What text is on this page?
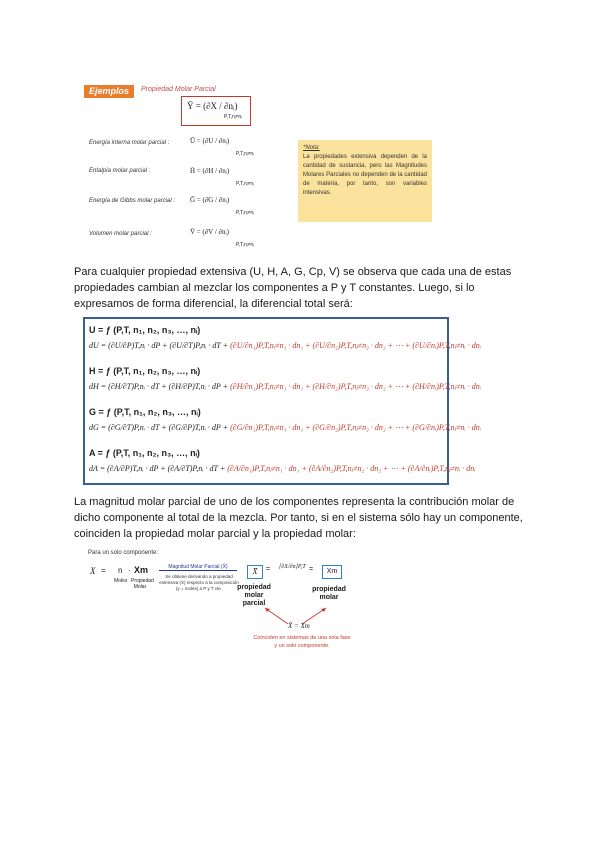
Ejemplos	Propiedad Molar Parcial
Ȳ = (∂X / ∂nᵢ)
P,T,nⱼ≠nᵢ
Energía interna molar parcial :	Ū = (∂U / ∂nᵢ)
P,T,nⱼ≠nᵢ
Entalpía molar parcial :	H̄ = (∂H / ∂nᵢ)
P,T,nⱼ≠nᵢ
Energía de Gibbs molar parcial : Ḡ = (∂G / ∂nᵢ)
P,T,nⱼ≠nᵢ
Volumen molar parcial :	V̄ = (∂V / ∂nᵢ)
P,T,nⱼ≠nᵢ
*Nota:
La propiedades extensiva dependen de la cantidad de sustancia, pero las Magnitudes Molares Parciales no dependen de la cantidad de materia, por tanto, son variables intensivas.
Para cualquier propiedad extensiva (U, H, A, G, Cp, V) se observa que cada una de estas propiedades cambian al mezclar los componentes a P y T constantes. Luego, si lo expresamos de forma diferencial, la diferencial total será:
U = ƒ (P,T, n₁, n₂, n₃, …, nᵢ)
dU = (∂U/∂P)T,nᵢ · dP + (∂U/∂T)P,nᵢ · dT + (∂U/∂n₁)P,T,nⱼ≠n₁ · dn₁ + (∂U/∂n₂)P,T,nⱼ≠n₂ · dn₂ + ⋯ + (∂U/∂nᵢ)P,T,nⱼ≠nᵢ · dnᵢ
H = ƒ (P,T, n₁, n₂, n₃, …, nᵢ)
dH = (∂H/∂T)P,nᵢ · dT + (∂H/∂P)T,nᵢ · dP + (∂H/∂n₁)P,T,nⱼ≠n₁ · dn₁ + (∂H/∂n₂)P,T,nⱼ≠n₂ · dn₂ + ⋯ + (∂H/∂nᵢ)P,T,nⱼ≠nᵢ · dnᵢ
G = ƒ (P,T, n₁, n₂, n₃, …, nᵢ)
dG = (∂G/∂T)P,nᵢ · dT + (∂G/∂P)T,nᵢ · dP + (∂G/∂n₁)P,T,nⱼ≠n₁ · dn₁ + (∂G/∂n₂)P,T,nⱼ≠n₂ · dn₂ + ⋯ + (∂G/∂nᵢ)P,T,nⱼ≠nᵢ · dnᵢ
A = ƒ (P,T, n₁, n₂, n₃, …, nᵢ)
dA = (∂A/∂P)T,nᵢ · dP + (∂A/∂T)P,nᵢ · dT + (∂A/∂n₁)P,T,nⱼ≠n₁ · dn₁ + (∂A/∂n₂)P,T,nⱼ≠n₂ · dn₂ + ⋯ + (∂A/∂nᵢ)P,T,nⱼ≠nᵢ · dnᵢ
La magnitud molar parcial de uno de los componentes representa la contribución molar de dicho componente al total de la mezcla. Por tanto, si en el sistema sólo hay un componente, coinciden la propiedad molar parcial y la propiedad molar:
Para un solo componente:
X = n · Xm
Moles Propiedad Molar
Magnitud Molar Parcial (X̄)
Se obtiene derivando a propiedad extensiva (X) respecto a la composición (y = moles) a P y T cte.
X̄	= [∂X/∂n]P,T =	Xm
propiedad molar parcial
propiedad molar
X̄ = Xm
Coinciden en sistemas de una sola fase y un solo componente.
